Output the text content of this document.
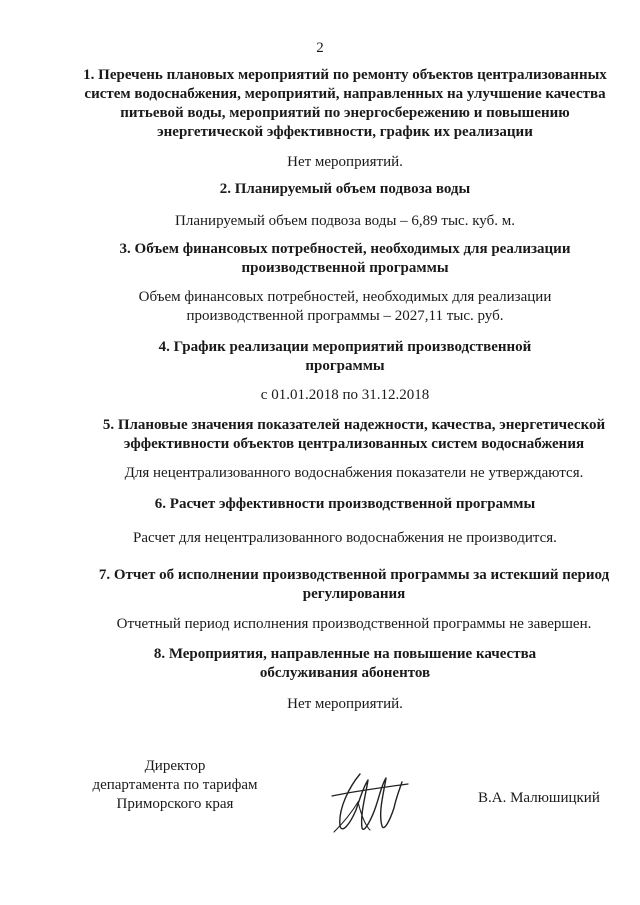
2

1. Перечень плановых мероприятий по ремонту объектов централизованных систем водоснабжения, мероприятий, направленных на улучшение качества питьевой воды, мероприятий по энергосбережению и повышению энергетической эффективности, график их реализации

Нет мероприятий.

2. Планируемый объем подвоза воды

Планируемый объем подвоза воды – 6,89 тыс. куб. м.

3. Объем финансовых потребностей, необходимых для реализации производственной программы

Объем финансовых потребностей, необходимых для реализации производственной программы – 2027,11 тыс. руб.

4. График реализации мероприятий производственной программы

с 01.01.2018 по 31.12.2018

5. Плановые значения показателей надежности, качества, энергетической эффективности объектов централизованных систем водоснабжения

Для нецентрализованного водоснабжения показатели не утверждаются.

6. Расчет эффективности производственной программы

Расчет для нецентрализованного водоснабжения не производится.

7. Отчет об исполнении производственной программы за истекший период регулирования

Отчетный период исполнения производственной программы не завершен.

8. Мероприятия, направленные на повышение качества обслуживания абонентов

Нет мероприятий.

Директор
департамента по тарифам
Приморского края	В.А. Малюшицкий
